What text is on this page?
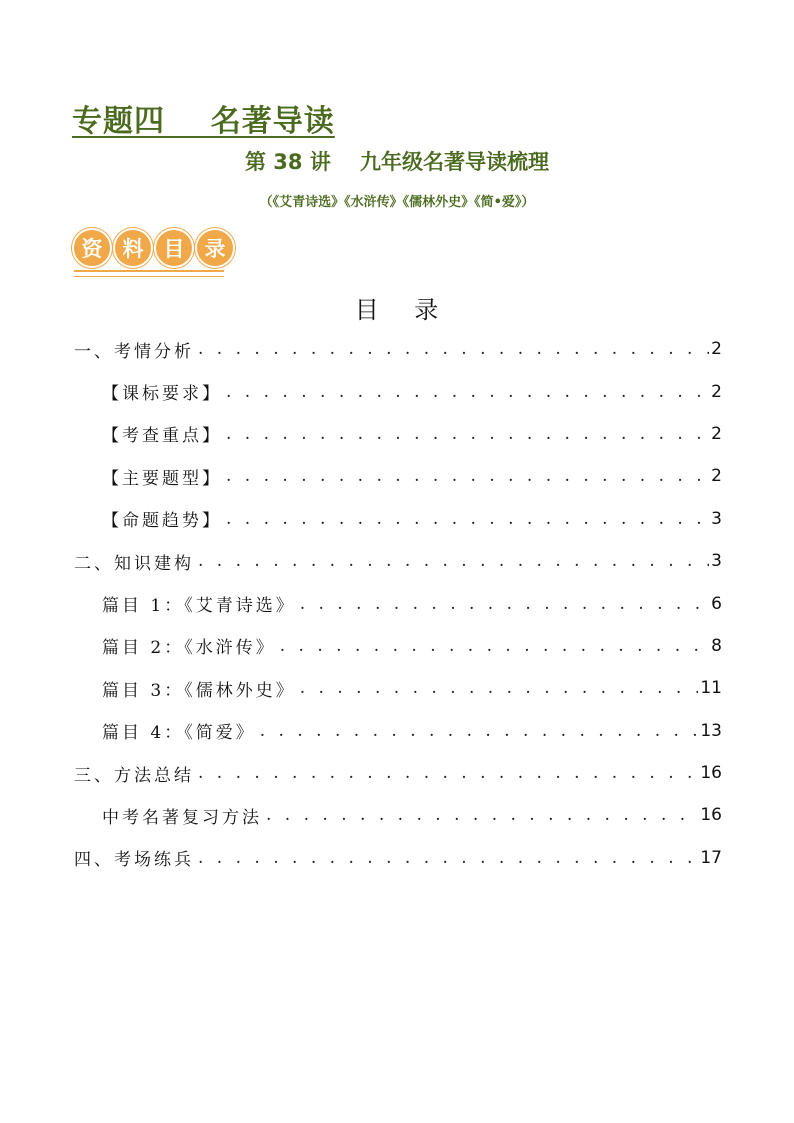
专题四    名著导读
第 38 讲    九年级名著导读梳理
（《艾青诗选》《水浒传》《儒林外史》《简•爱》）
资 料 目 录
目    录
一、考情分析 . . .	2
【课标要求】 . . .	2
【考查重点】 . . .	2
【主要题型】 . . .	2
【命题趋势】 . . .	3
二、知识建构 . . .	3
篇目 1：《艾青诗选》 . . .	6
篇目 2：《水浒传》 . . .	8
篇目 3：《儒林外史》 . . .	11
篇目 4：《简爱》 . . .	13
三、方法总结 . . .	16
中考名著复习方法 . . .	16
四、考场练兵 . . .	17
